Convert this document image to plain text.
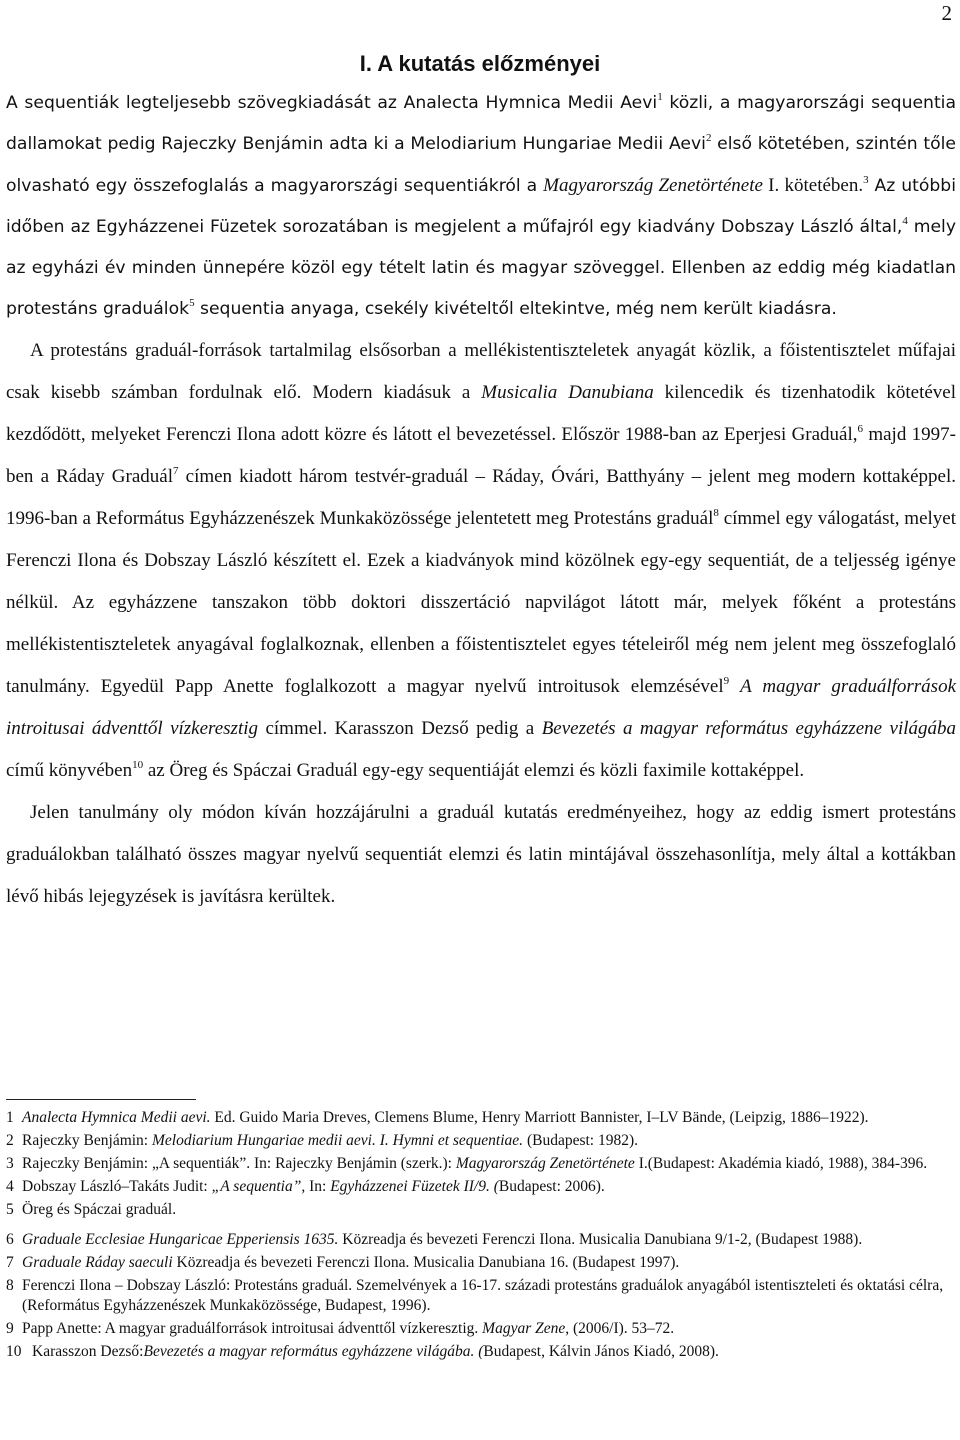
2
I. A kutatás előzményei

A sequentiák legteljesebb szövegkiadását az Analecta Hymnica Medii Aevi$^1$ közli, a magyarországi sequentia dallamokat pedig Rajeczky Benjámin adta ki a Melodiarium Hungariae Medii Aevi$^2$ első kötetében, szintén tőle olvasható egy összefoglalás a magyarországi sequentiákról a Magyarország Zenetörténete I. kötetében.$^3$ Az utóbbi időben az Egyházzenei Füzetek sorozatában is megjelent a műfajról egy kiadvány Dobszay László által,$^4$ mely az egyházi év minden ünnepére közöl egy tételt latin és magyar szöveggel. Ellenben az eddig még kiadatlan protestáns graduálok$^5$ sequentia anyaga, csekély kivételtől eltekintve, még nem került kiadásra.

A protestáns graduál-források tartalmilag elsősorban a mellékistentiszteletek anyagát közlik, a főistentisztelet műfajai csak kisebb számban fordulnak elő. Modern kiadásuk a Musicalia Danubiana kilencedik és tizenhatodik kötetével kezdődött, melyeket Ferenczi Ilona adott közre és látott el bevezetéssel. Először 1988-ban az Eperjesi Graduál,$^6$ majd 1997-ben a Ráday Graduál$^7$ címen kiadott három testvér-graduál – Ráday, Óvári, Batthyány – jelent meg modern kottaképpel. 1996-ban a Református Egyházzenészek Munkaközössége jelentetett meg Protestáns graduál$^8$ címmel egy válogatást, melyet Ferenczi Ilona és Dobszay László készített el. Ezek a kiadványok mind közölnek egy-egy sequentiát, de a teljesség igénye nélkül. Az egyházzene tanszakon több doktori disszertáció napvilágot látott már, melyek főként a protestáns mellékistentiszteletek anyagával foglalkoznak, ellenben a főistentisztelet egyes tételeiről még nem jelent meg összefoglaló tanulmány. Egyedül Papp Anette foglalkozott a magyar nyelvű introitusok elemzésével$^9$ A magyar graduálforrások introitusai ádventtől vízkeresztig címmel. Karasszon Dezső pedig a Bevezetés a magyar református egyházzene világába című könyvében$^{10}$ az Öreg és Spáczai Graduál egy-egy sequentiáját elemzi és közli faximile kottaképpel.

Jelen tanulmány oly módon kíván hozzájárulni a graduál kutatás eredményeihez, hogy az eddig ismert protestáns graduálokban található összes magyar nyelvű sequentiát elemzi és latin mintájával összehasonlítja, mely által a kottákban lévő hibás lejegyzések is javításra kerültek.

1 Analecta Hymnica Medii aevi. Ed. Guido Maria Dreves, Clemens Blume, Henry Marriott Bannister, I–LV Bände, (Leipzig, 1886–1922).
2 Rajeczky Benjámin: Melodiarium Hungariae medii aevi. I. Hymni et sequentiae. (Budapest: 1982).
3 Rajeczky Benjámin: „A sequentiák”. In: Rajeczky Benjámin (szerk.): Magyarország Zenetörténete I.(Budapest: Akadémia kiadó, 1988), 384-396.
4 Dobszay László–Takáts Judit: „A sequentia”, In: Egyházzenei Füzetek II/9. (Budapest: 2006).
5 Öreg és Spáczai graduál.
6 Graduale Ecclesiae Hungaricae Epperiensis 1635. Közreadja és bevezeti Ferenczi Ilona. Musicalia Danubiana 9/1-2, (Budapest 1988).
7 Graduale Ráday saeculi Közreadja és bevezeti Ferenczi Ilona. Musicalia Danubiana 16. (Budapest 1997).
8 Ferenczi Ilona – Dobszay László: Protestáns graduál. Szemelvények a 16-17. századi protestáns graduálok anyagából istentiszteleti és oktatási célra, (Református Egyházzenészek Munkaközössége, Budapest, 1996).
9 Papp Anette: A magyar graduálforrások introitusai ádventtől vízkeresztig. Magyar Zene, (2006/I). 53–72.
10 Karasszon Dezső:Bevezetés a magyar református egyházzene világába. (Budapest, Kálvin János Kiadó, 2008).
